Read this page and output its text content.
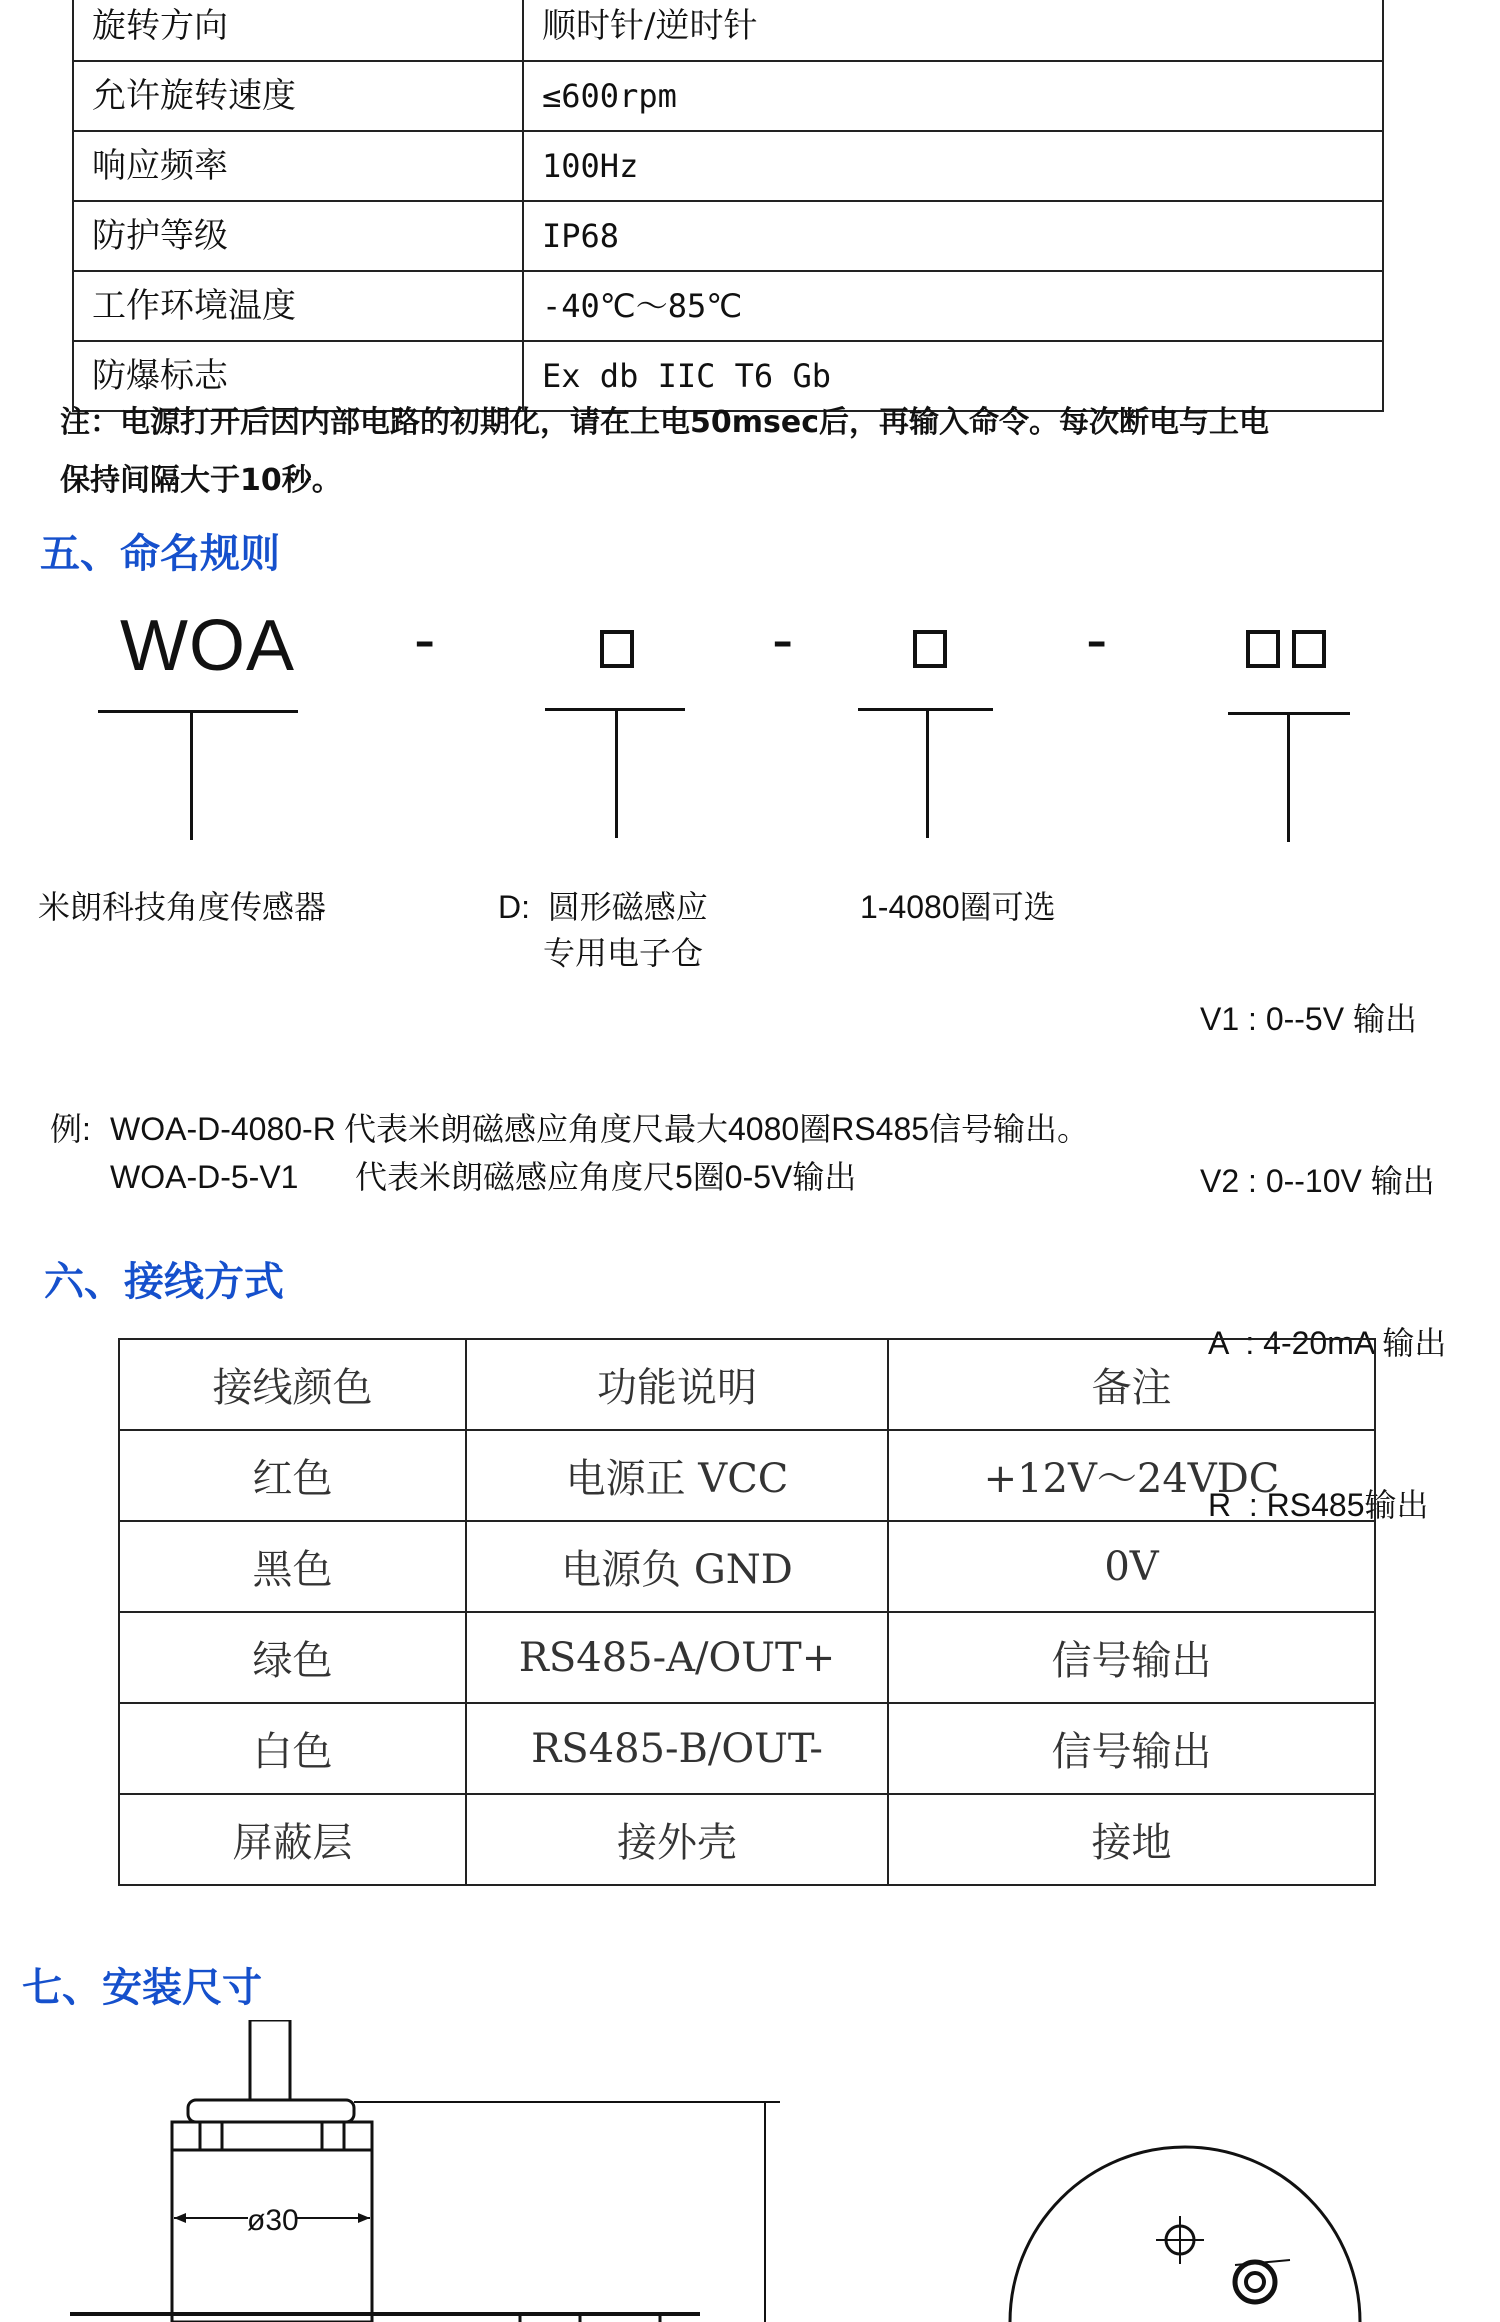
旋转方向	顺时针/逆时针
允许旋转速度	≤600rpm
响应频率	100Hz
防护等级	IP68
工作环境温度	-40℃～85℃
防爆标志	Ex db IIC T6 Gb
注：电源打开后因内部电路的初期化，请在上电50msec后，再输入命令。每次断电与上电
保持间隔大于10秒。
五、命名规则
WOA -	-	-
米朗科技角度传感器	D:  圆形磁感应
专用电子仓
1-4080圈可选

V1 : 0--5V 输出

V2 : 0--10V 输出

A  : 4-20mA 输出

R  : RS485输出

例: WOA-D-4080-R 代表米朗磁感应角度尺最大4080圈RS485信号输出。
WOA-D-5-V1 代表米朗磁感应角度尺5圈0-5V输出
六、接线方式
接线颜色	功能说明	备注
红色	电源正 VCC	+12V～24VDC
黑色	电源负 GND	0V
绿色	RS485-A/OUT+	信号输出
白色	RS485-B/OUT-	信号输出
屏蔽层	接外壳	接地
七、安装尺寸
ø30
